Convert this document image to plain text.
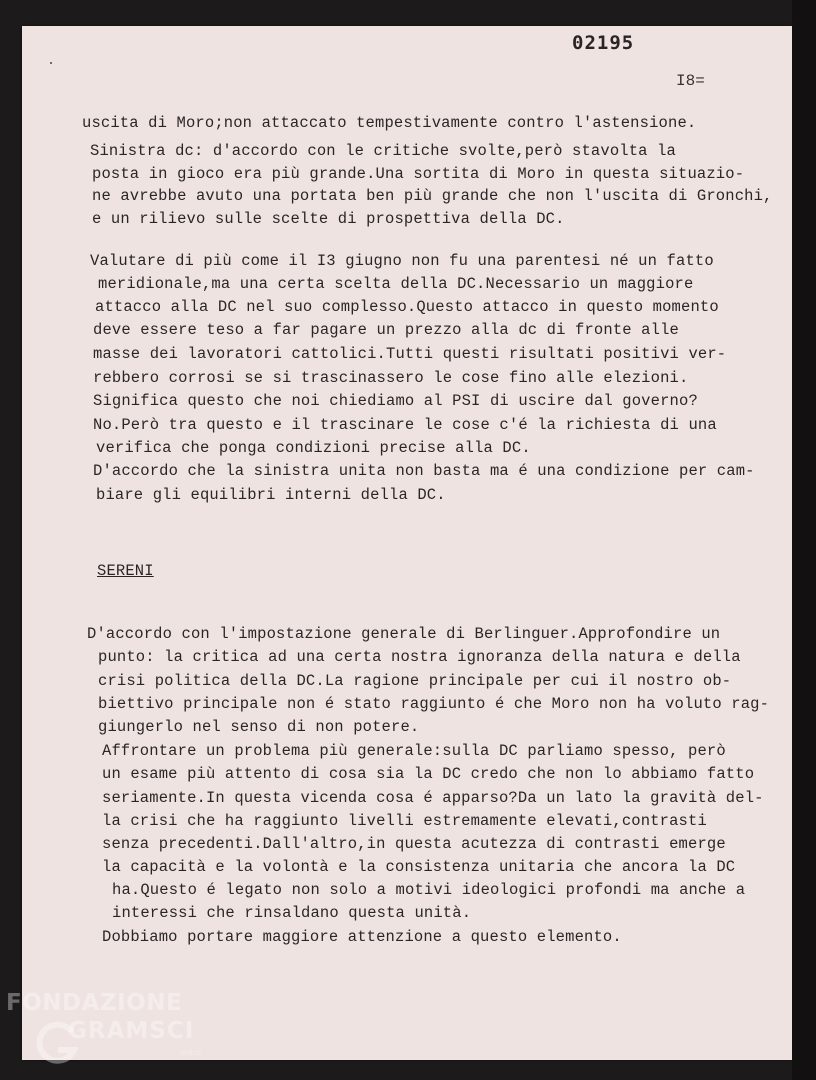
02195
I8=
uscita di Moro;non attaccato tempestivamente contro l'astensione.
Sinistra dc: d'accordo con le critiche svolte,però stavolta la
posta in gioco era più grande.Una sortita di Moro in questa situazio-
ne avrebbe avuto una portata ben più grande che non l'uscita di Gronchi,
e un rilievo sulle scelte di prospettiva della DC.
Valutare di più come il I3 giugno non fu una parentesi né un fatto
meridionale,ma una certa scelta della DC.Necessario un maggiore
attacco alla DC nel suo complesso.Questo attacco in questo momento
deve essere teso a far pagare un prezzo alla dc di fronte alle
masse dei lavoratori cattolici.Tutti questi risultati positivi ver-
rebbero corrosi se si trascinassero le cose fino alle elezioni.
Significa questo che noi chiediamo al PSI di uscire dal governo?
No.Però tra questo e il trascinare le cose c'é la richiesta di una
verifica che ponga condizioni precise alla DC.
D'accordo che la sinistra unita non basta ma é una condizione per cam-
biare gli equilibri interni della DC.
SERENI
D'accordo con l'impostazione generale di Berlinguer.Approfondire un
punto: la critica ad una certa nostra ignoranza della natura e della
crisi politica della DC.La ragione principale per cui il nostro ob-
biettivo principale non é stato raggiunto é che Moro non ha voluto rag-
giungerlo nel senso di non potere.
Affrontare un problema più generale:sulla DC parliamo spesso, però
un esame più attento di cosa sia la DC credo che non lo abbiamo fatto
seriamente.In questa vicenda cosa é apparso?Da un lato la gravità del-
la crisi che ha raggiunto livelli estremamente elevati,contrasti
senza precedenti.Dall'altro,in questa acutezza di contrasti emerge
la capacità e la volontà e la consistenza unitaria che ancora la DC
ha.Questo é legato non solo a motivi ideologici profondi ma anche a
interessi che rinsaldano questa unità.
Dobbiamo portare maggiore attenzione a questo elemento.
FONDAZIONE
GRAMSCI
onlus
